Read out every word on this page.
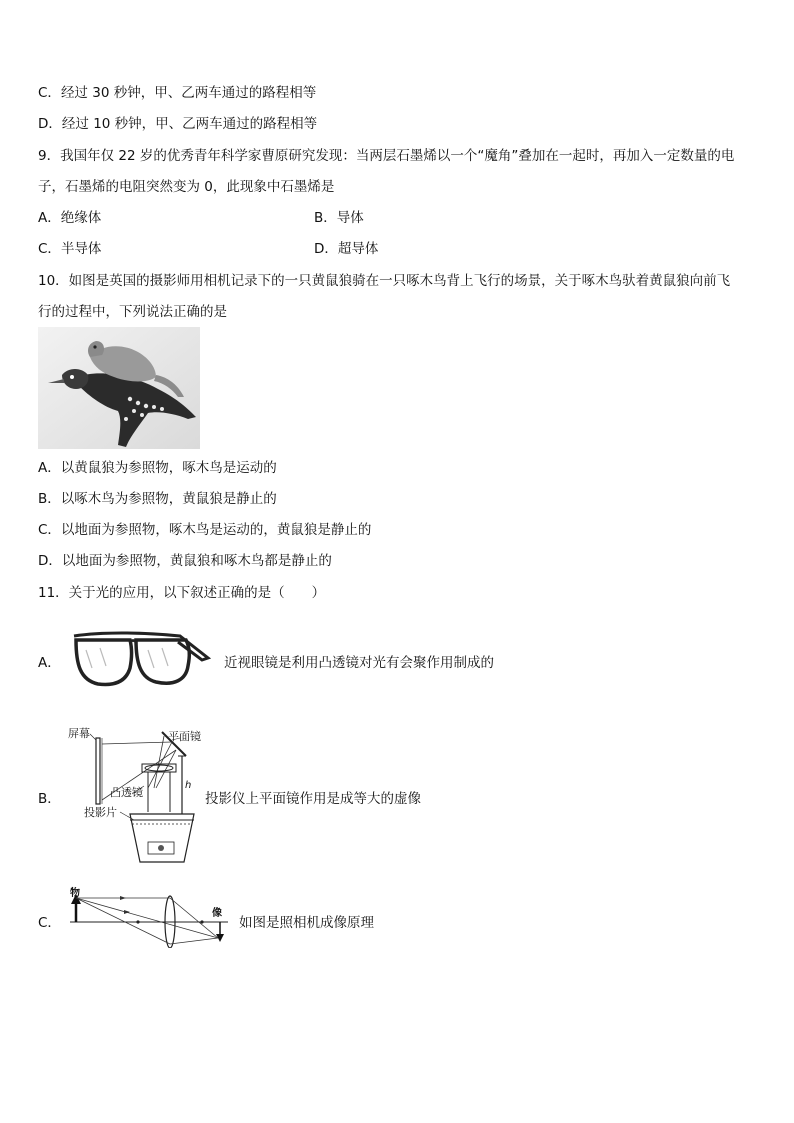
C．经过 30 秒钟，甲、乙两车通过的路程相等
D．经过 10 秒钟，甲、乙两车通过的路程相等
9．我国年仅 22 岁的优秀青年科学家曹原研究发现：当两层石墨烯以一个“魔角”叠加在一起时，再加入一定数量的电
子，石墨烯的电阻突然变为 0，此现象中石墨烯是
A．绝缘体	B．导体
C．半导体	D．超导体
10．如图是英国的摄影师用相机记录下的一只黄鼠狼骑在一只啄木鸟背上飞行的场景，关于啄木鸟驮着黄鼠狼向前飞
行的过程中，下列说法正确的是
A．以黄鼠狼为参照物，啄木鸟是运动的
B．以啄木鸟为参照物，黄鼠狼是静止的
C．以地面为参照物，啄木鸟是运动的，黄鼠狼是静止的
D．以地面为参照物，黄鼠狼和啄木鸟都是静止的
11．关于光的应用，以下叙述正确的是（　　）
A．	近视眼镜是利用凸透镜对光有会聚作用制成的
B．
屏幕	平面镜
凸透镜
投影片
h
投影仪上平面镜作用是成等大的虚像
C．
物
像
如图是照相机成像原理
